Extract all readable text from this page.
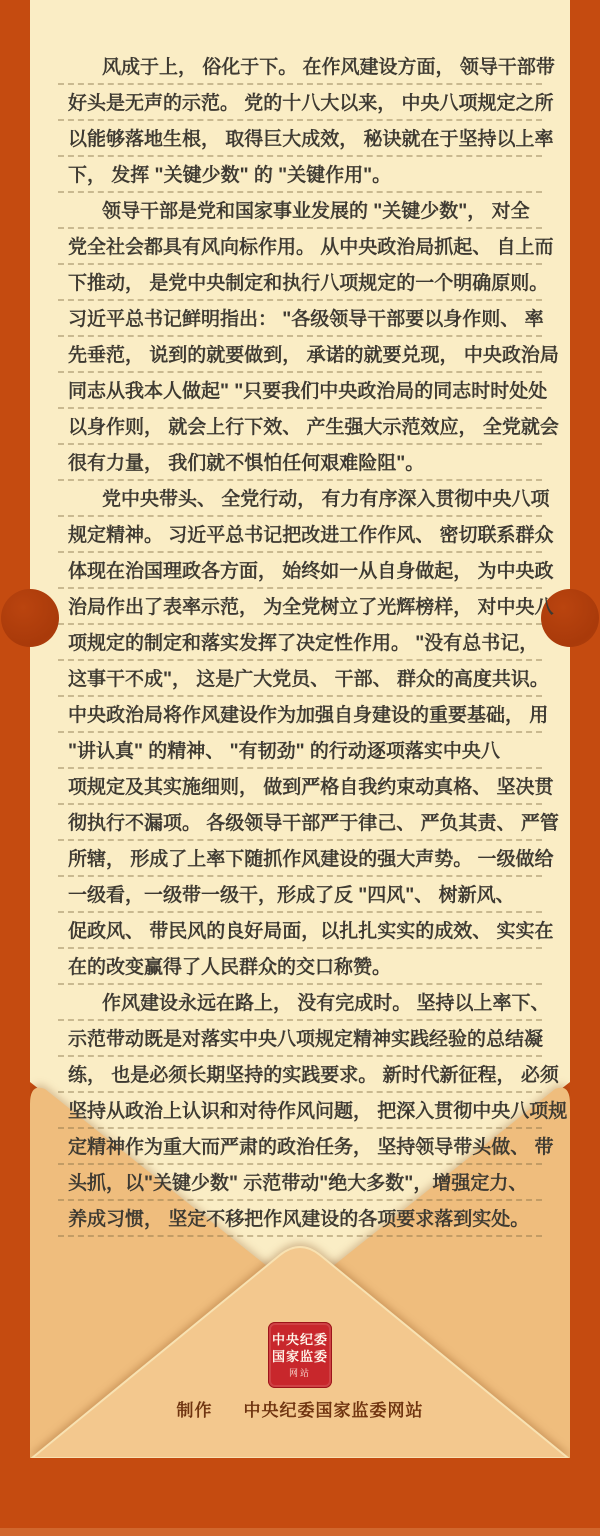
风成于上， 俗化于下。 在作风建设方面， 领导干部带
好头是无声的示范。 党的十八大以来， 中央八项规定之所
以能够落地生根， 取得巨大成效， 秘诀就在于坚持以上率
下， 发挥 "关键少数" 的 "关键作用"。
领导干部是党和国家事业发展的 "关键少数"， 对全
党全社会都具有风向标作用。 从中央政治局抓起、 自上而
下推动， 是党中央制定和执行八项规定的一个明确原则。
习近平总书记鲜明指出： "各级领导干部要以身作则、 率
先垂范， 说到的就要做到， 承诺的就要兑现， 中央政治局
同志从我本人做起" "只要我们中央政治局的同志时时处处
以身作则， 就会上行下效、 产生强大示范效应， 全党就会
很有力量， 我们就不惧怕任何艰难险阻"。
党中央带头、 全党行动， 有力有序深入贯彻中央八项
规定精神。 习近平总书记把改进工作作风、 密切联系群众
体现在治国理政各方面， 始终如一从自身做起， 为中央政
治局作出了表率示范， 为全党树立了光辉榜样， 对中央八
项规定的制定和落实发挥了决定性作用。 "没有总书记，
这事干不成"， 这是广大党员、 干部、 群众的高度共识。
中央政治局将作风建设作为加强自身建设的重要基础， 用
"讲认真" 的精神、 "有韧劲" 的行动逐项落实中央八
项规定及其实施细则， 做到严格自我约束动真格、 坚决贯
彻执行不漏项。 各级领导干部严于律己、 严负其责、 严管
所辖， 形成了上率下随抓作风建设的强大声势。 一级做给
一级看，一级带一级干，形成了反 "四风"、 树新风、
促政风、 带民风的良好局面，以扎扎实实的成效、 实实在
在的改变赢得了人民群众的交口称赞。
作风建设永远在路上， 没有完成时。 坚持以上率下、
示范带动既是对落实中央八项规定精神实践经验的总结凝
练， 也是必须长期坚持的实践要求。 新时代新征程， 必须
坚持从政治上认识和对待作风问题， 把深入贯彻中央八项规
定精神作为重大而严肃的政治任务， 坚持领导带头做、 带
头抓，以"关键少数" 示范带动"绝大多数"，增强定力、
养成习惯， 坚定不移把作风建设的各项要求落到实处。
中央纪委
国家监委
网站
制作 中央纪委国家监委网站
